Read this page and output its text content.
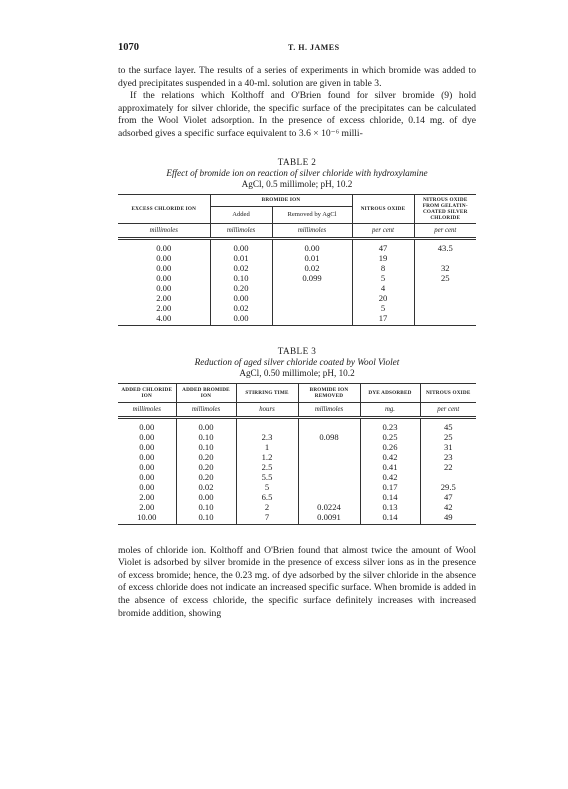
1070	T. H. JAMES

to the surface layer. The results of a series of experiments in which bromide was added to dyed precipitates suspended in a 40-ml. solution are given in table 3.

If the relations which Kolthoff and O'Brien found for silver bromide (9) hold approximately for silver chloride, the specific surface of the precipitates can be calculated from the Wool Violet adsorption. In the presence of excess chloride, 0.14 mg. of dye adsorbed gives a specific surface equivalent to 3.6 × 10⁻⁶ milli-

TABLE 2

Effect of bromide ion on reaction of silver chloride with hydroxylamine

AgCl, 0.5 millimole; pH, 10.2

EXCESS CHLORIDE ION	BROMIDE ION		NITROUS OXIDE	NITROUS OXIDE FROM GELATIN-COATED SILVER CHLORIDE
	Added	Removed by AgCl		
millimoles	millimoles	millimoles	per cent	per cent
0.00	0.00	0.00	47	43.5
0.00	0.01	0.01	19	
0.00	0.02	0.02	8	32
0.00	0.10	0.099	5	25
0.00	0.20		4	
2.00	0.00		20	
2.00	0.02		5	
4.00	0.00		17	

TABLE 3

Reduction of aged silver chloride coated by Wool Violet

AgCl, 0.50 millimole; pH, 10.2

ADDED CHLORIDE ION	ADDED BROMIDE ION	STIRRING TIME	BROMIDE ION REMOVED	DYE ADSORBED	NITROUS OXIDE
millimoles	millimoles	hours	millimoles	mg.	per cent
0.00	0.00			0.23	45
0.00	0.10	2.3	0.098	0.25	25
0.00	0.10	1		0.26	31
0.00	0.20	1.2		0.42	23
0.00	0.20	2.5		0.41	22
0.00	0.20	5.5		0.42	
0.00	0.02	5		0.17	29.5
2.00	0.00	6.5		0.14	47
2.00	0.10	2	0.0224	0.13	42
10.00	0.10	7	0.0091	0.14	49

moles of chloride ion. Kolthoff and O'Brien found that almost twice the amount of Wool Violet is adsorbed by silver bromide in the presence of excess silver ions as in the presence of excess bromide; hence, the 0.23 mg. of dye adsorbed by the silver chloride in the absence of excess chloride does not indicate an increased specific surface. When bromide is added in the absence of excess chloride, the specific surface definitely increases with increased bromide addition, showing
